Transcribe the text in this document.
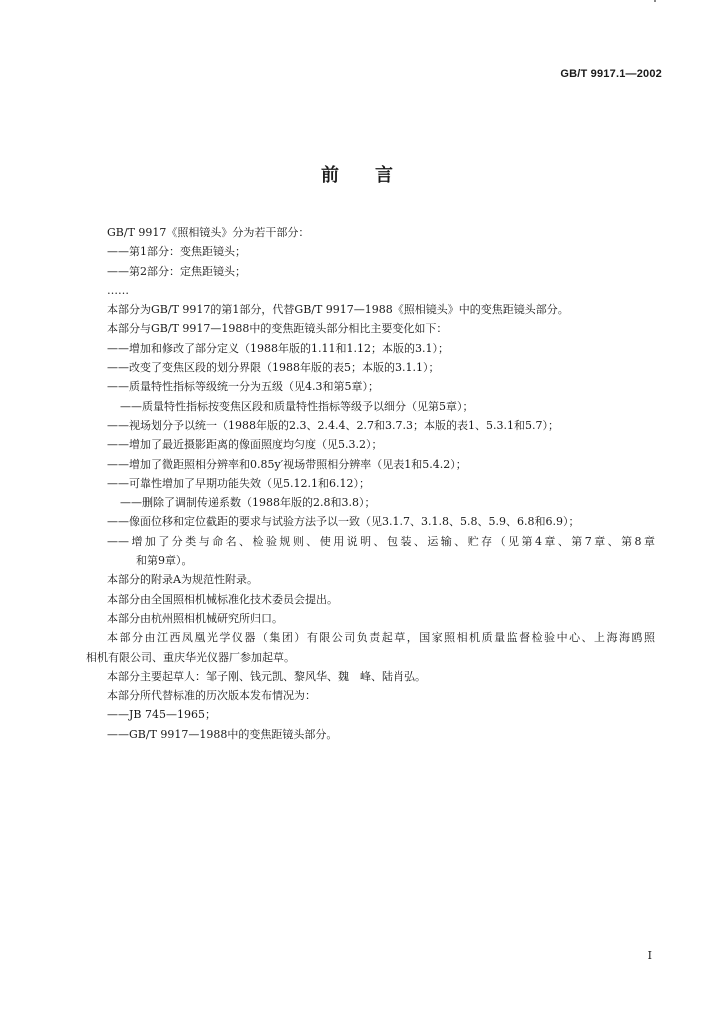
GB/T 9917.1—2002
前言
GB/T 9917《照相镜头》分为若干部分：
——第1部分：变焦距镜头；
——第2部分：定焦距镜头；
……
本部分为GB/T 9917的第1部分，代替GB/T 9917—1988《照相镜头》中的变焦距镜头部分。
本部分与GB/T 9917—1988中的变焦距镜头部分相比主要变化如下：
——增加和修改了部分定义（1988年版的1.11和1.12；本版的3.1）；
——改变了变焦区段的划分界限（1988年版的表5；本版的3.1.1）；
——质量特性指标等级统一分为五级（见4.3和第5章）；
——质量特性指标按变焦区段和质量特性指标等级予以细分（见第5章）；
——视场划分予以统一（1988年版的2.3、2.4.4、2.7和3.7.3；本版的表1、5.3.1和5.7）；
——增加了最近摄影距离的像面照度均匀度（见5.3.2）；
——增加了微距照相分辨率和0.85y′视场带照相分辨率（见表1和5.4.2）；
——可靠性增加了早期功能失效（见5.12.1和6.12）；
——删除了调制传递系数（1988年版的2.8和3.8）；
——像面位移和定位截距的要求与试验方法予以一致（见3.1.7、3.1.8、5.8、5.9、6.8和6.9）；
——增加了分类与命名、检验规则、使用说明、包装、运输、贮存（见第4章、第7章、第8章
和第9章）。
本部分的附录A为规范性附录。
本部分由全国照相机械标准化技术委员会提出。
本部分由杭州照相机械研究所归口。
本部分由江西凤凰光学仪器（集团）有限公司负责起草，国家照相机质量监督检验中心、上海海鸥照
相机有限公司、重庆华光仪器厂参加起草。
本部分主要起草人：邹子刚、钱元凯、黎风华、魏　峰、陆肖弘。
本部分所代替标准的历次版本发布情况为：
——JB 745—1965；
——GB/T 9917—1988中的变焦距镜头部分。
I
